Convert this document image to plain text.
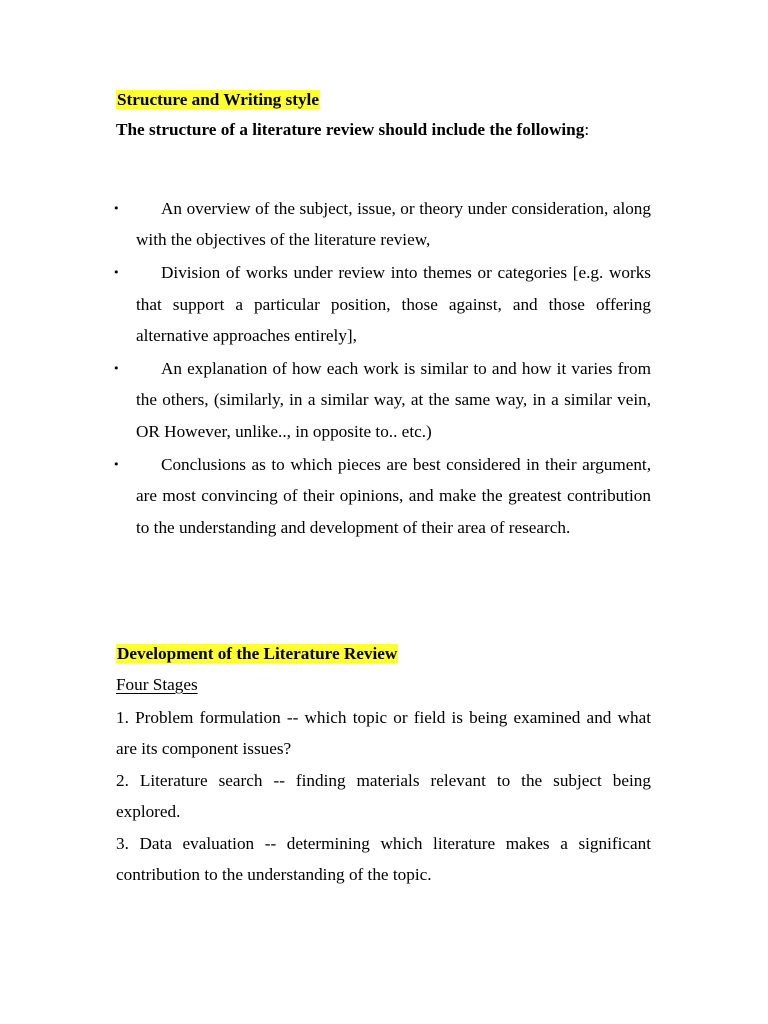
Structure and Writing style
The structure of a literature review should include the following:
• An overview of the subject, issue, or theory under consideration, along with the objectives of the literature review,
• Division of works under review into themes or categories [e.g. works that support a particular position, those against, and those offering alternative approaches entirely],
• An explanation of how each work is similar to and how it varies from the others, (similarly, in a similar way, at the same way, in a similar vein, OR However, unlike.., in opposite to.. etc.)
• Conclusions as to which pieces are best considered in their argument, are most convincing of their opinions, and make the greatest contribution to the understanding and development of their area of research.
Development of the Literature Review
Four Stages
1. Problem formulation -- which topic or field is being examined and what are its component issues?
2. Literature search -- finding materials relevant to the subject being explored.
3. Data evaluation -- determining which literature makes a significant contribution to the understanding of the topic.
